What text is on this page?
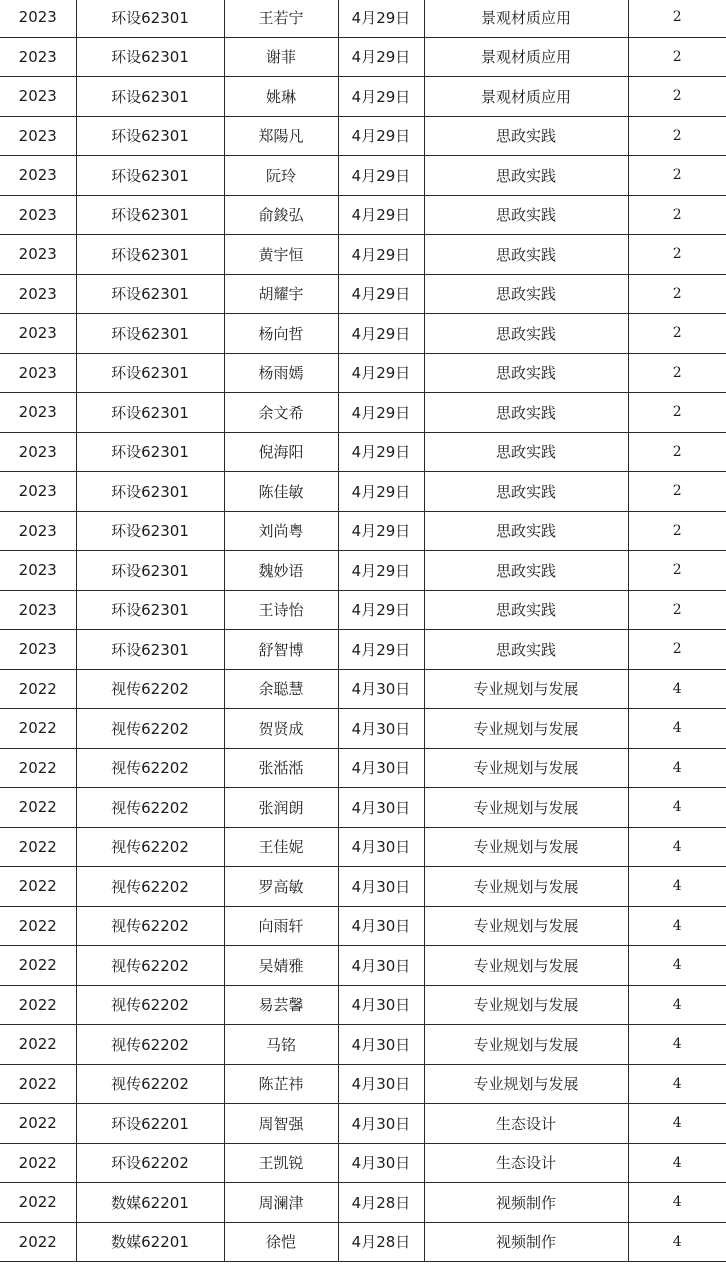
2023	环设62301	王若宁	4月29日	景观材质应用	2
2023	环设62301	谢菲	4月29日	景观材质应用	2
2023	环设62301	姚琳	4月29日	景观材质应用	2
2023	环设62301	郑陽凡	4月29日	思政实践	2
2023	环设62301	阮玲	4月29日	思政实践	2
2023	环设62301	俞鋑弘	4月29日	思政实践	2
2023	环设62301	黄宇恒	4月29日	思政实践	2
2023	环设62301	胡耀宇	4月29日	思政实践	2
2023	环设62301	杨向哲	4月29日	思政实践	2
2023	环设62301	杨雨嫣	4月29日	思政实践	2
2023	环设62301	余文希	4月29日	思政实践	2
2023	环设62301	倪海阳	4月29日	思政实践	2
2023	环设62301	陈佳敏	4月29日	思政实践	2
2023	环设62301	刘尚粤	4月29日	思政实践	2
2023	环设62301	魏妙语	4月29日	思政实践	2
2023	环设62301	王诗怡	4月29日	思政实践	2
2023	环设62301	舒智博	4月29日	思政实践	2
2022	视传62202	余聪慧	4月30日	专业规划与发展	4
2022	视传62202	贺贤成	4月30日	专业规划与发展	4
2022	视传62202	张湉湉	4月30日	专业规划与发展	4
2022	视传62202	张润朗	4月30日	专业规划与发展	4
2022	视传62202	王佳妮	4月30日	专业规划与发展	4
2022	视传62202	罗高敏	4月30日	专业规划与发展	4
2022	视传62202	向雨轩	4月30日	专业规划与发展	4
2022	视传62202	吴婧雅	4月30日	专业规划与发展	4
2022	视传62202	易芸馨	4月30日	专业规划与发展	4
2022	视传62202	马铭	4月30日	专业规划与发展	4
2022	视传62202	陈芷祎	4月30日	专业规划与发展	4
2022	环设62201	周智强	4月30日	生态设计	4
2022	环设62202	王凯锐	4月30日	生态设计	4
2022	数媒62201	周澜津	4月28日	视频制作	4
2022	数媒62201	徐恺	4月28日	视频制作	4
